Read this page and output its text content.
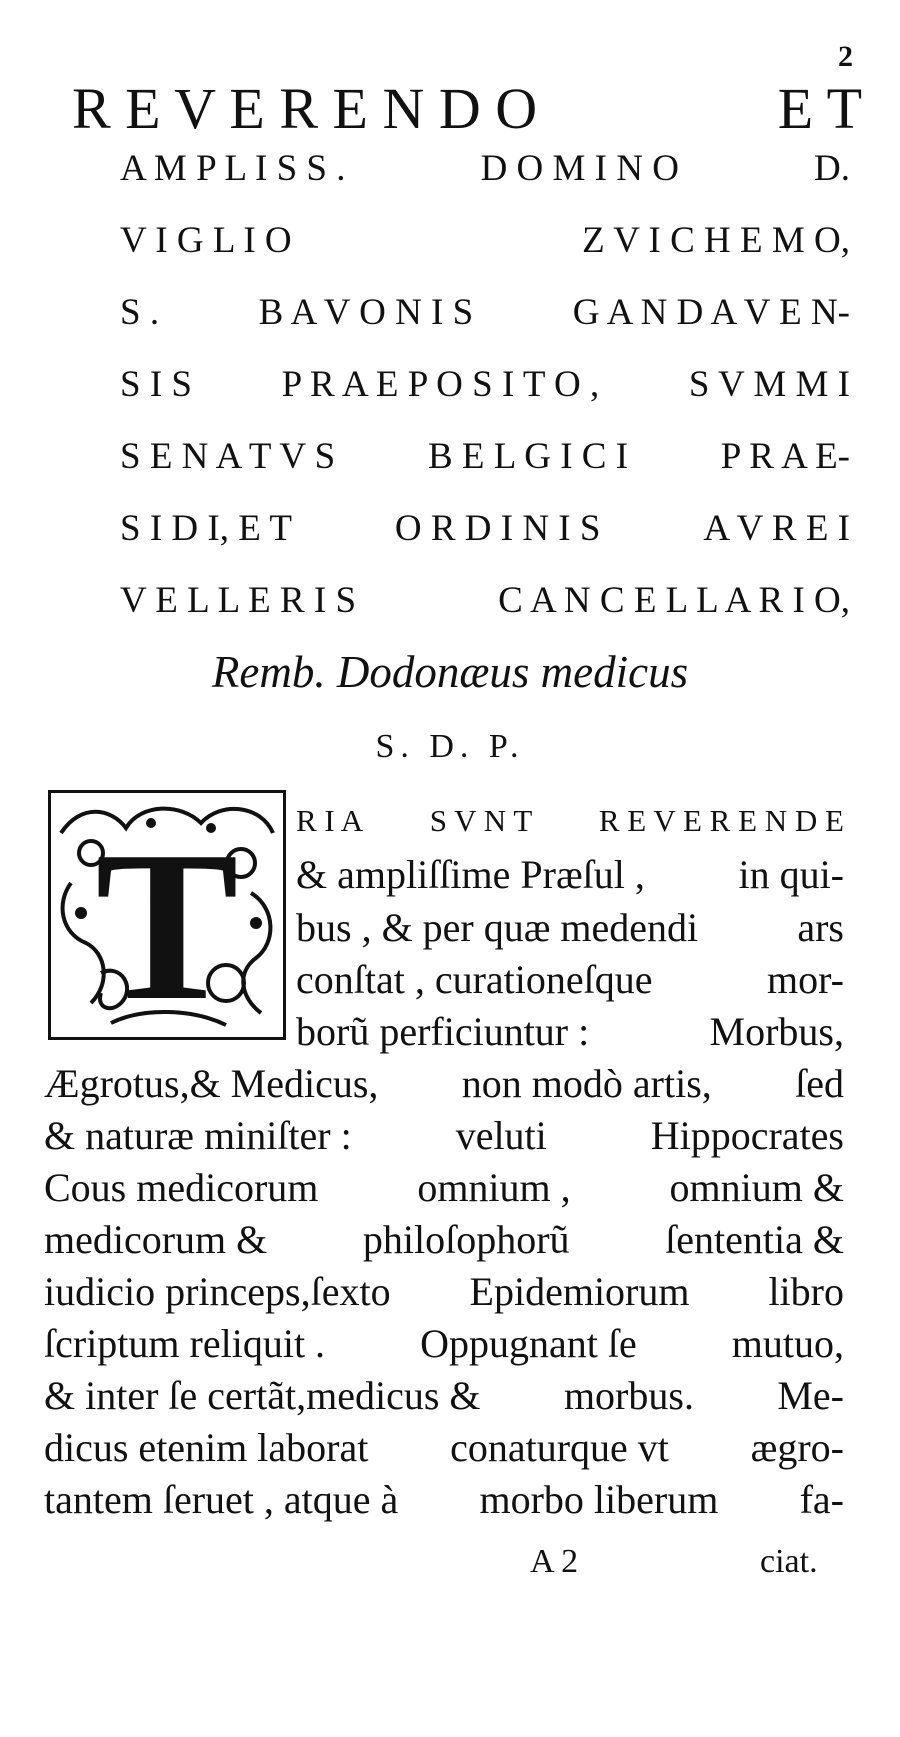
2
R E V E R E N D O	E T
A M P L I S S .	D O M I N O	D.
V I G L I O	Z V I C H E M O,
S .	B A V O N I S	G A N D A V E N-
S I S P R A E P O S I T O , S V M M I
S E N A T V S	B E L G I C I	P R A E-
S I D I, E T	O R D I N I S	A V R E I
V E L L E R I S	C A N C E L L A R I O,
Remb. Dodonæus medicus
S. D. P.
T R I A S V N T R E V E R E N D E
& ampliſſime Præſul , in qui-
bus , & per quæ medendi ars
conſtat , curationeſque	mor-
borũ perficiuntur :	Morbus,
Ægrotus,& Medicus, non modò artis, ſed
& naturæ miniſter :	veluti	Hippocrates
Cous medicorum omnium , omnium &
medicorum & philoſophorũ ſententia &
iudicio princeps,ſexto Epidemiorum libro
ſcriptum reliquit . Oppugnant ſe mutuo,
& inter ſe certãt,medicus & morbus. Me-
dicus etenim laborat conaturque vt ægro-
tantem ſeruet , atque à morbo liberum fa-
A 2	ciat.
